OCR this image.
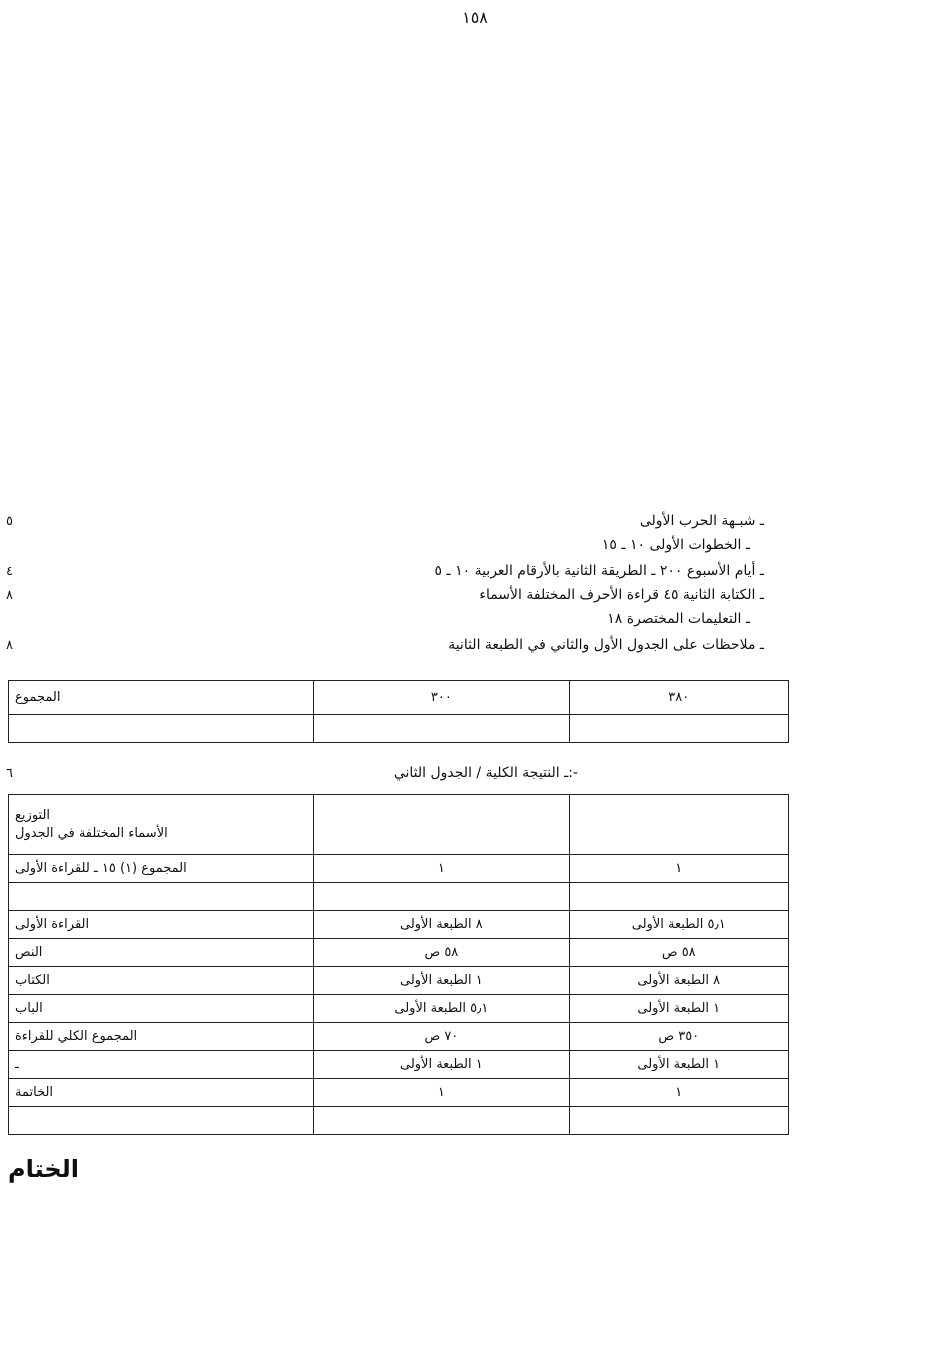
١٥٨
٥	ـ شبـهة الحرب الأولى
ـ الخطوات الأولى ١٠ ـ ١٥
٤	ـ أيام الأسبوع ٢٠٠ ـ الطريقة الثانية بالأرقام العربية ١٠ ـ ٥
٨	ـ الكتابة الثانية ٤٥ قراءة الأحرف المختلفة الأسماء
ـ التعليمات المختصرة ١٨
٨	ـ ملاحظات على الجدول الأول والثاني في الطبعة الثانية
المجموع	٣٠٠	٣٨٠

٦	ـ النتيجة الكلية / الجدول الثاني:-
التوزيع
الأسماء المختلفة في الجدول		

المجموع (١) ١٥ ـ للقراءة الأولى	١	١

القراءة الأولى	٨ الطبعة الأولى	٥٫١ الطبعة الأولى
النص	٥٨ ص	٥٨ ص
الكتاب	١ الطبعة الأولى	٨ الطبعة الأولى
الباب	٥٫١ الطبعة الأولى	١ الطبعة الأولى
المجموع الكلي للقراءة	٧٠ ص	٣٥٠ ص
ـ	١ الطبعة الأولى	١ الطبعة الأولى
الخاتمة	١	١

الختام
